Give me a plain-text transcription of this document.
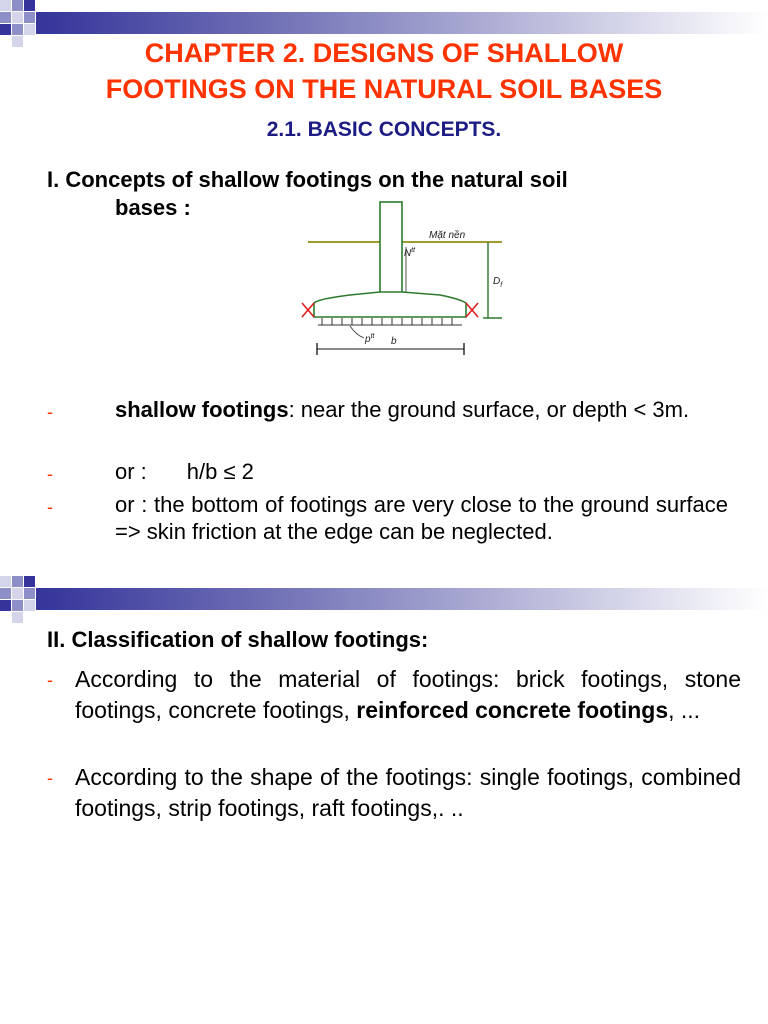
CHAPTER 2. DESIGNS OF SHALLOW
FOOTINGS ON THE NATURAL SOIL BASES
2.1. BASIC CONCEPTS.
I. Concepts of shallow footings on the natural soil
bases :
Mặt nền
$N^{tt}$
$D_f$
$p^{tt}$ b
-	shallow footings: near the ground surface, or depth < 3m.
-	or : h/b ≤ 2
-	or : the bottom of footings are very close to the ground surface => skin friction at the edge can be neglected.
II. Classification of shallow footings:
- According to the material of footings: brick footings, stone footings, concrete footings, reinforced concrete footings, ...
- According to the shape of the footings: single footings, combined footings, strip footings, raft footings,. ..
